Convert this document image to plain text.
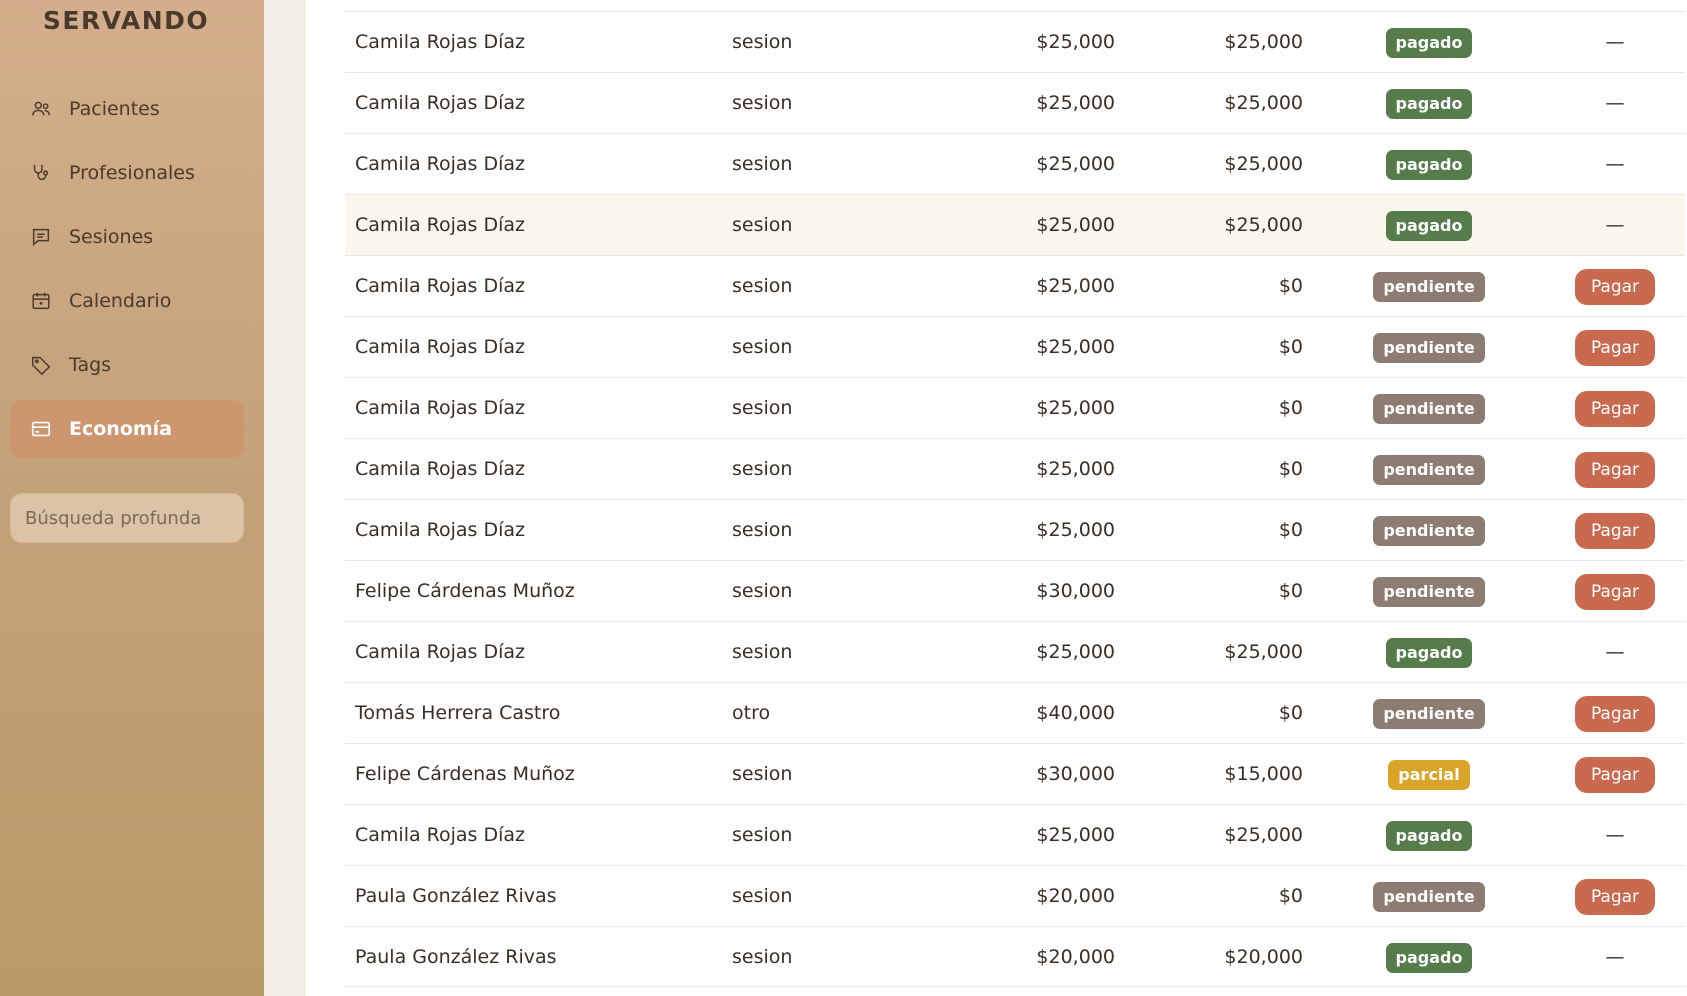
SERVANDO
Pacientes
Profesionales
Sesiones
Calendario
Tags
Economía
Búsqueda profunda
Camila Rojas Díaz	sesion	$25,000	$25,000	pagado	—
Camila Rojas Díaz	sesion	$25,000	$25,000	pagado	—
Camila Rojas Díaz	sesion	$25,000	$25,000	pagado	—
Camila Rojas Díaz	sesion	$25,000	$25,000	pagado	—
Camila Rojas Díaz	sesion	$25,000	$0	pendiente	Pagar
Camila Rojas Díaz	sesion	$25,000	$0	pendiente	Pagar
Camila Rojas Díaz	sesion	$25,000	$0	pendiente	Pagar
Camila Rojas Díaz	sesion	$25,000	$0	pendiente	Pagar
Camila Rojas Díaz	sesion	$25,000	$0	pendiente	Pagar
Felipe Cárdenas Muñoz	sesion	$30,000	$0	pendiente	Pagar
Camila Rojas Díaz	sesion	$25,000	$25,000	pagado	—
Tomás Herrera Castro	otro	$40,000	$0	pendiente	Pagar
Felipe Cárdenas Muñoz	sesion	$30,000	$15,000	parcial	Pagar
Camila Rojas Díaz	sesion	$25,000	$25,000	pagado	—
Paula González Rivas	sesion	$20,000	$0	pendiente	Pagar
Paula González Rivas	sesion	$20,000	$20,000	pagado	—
